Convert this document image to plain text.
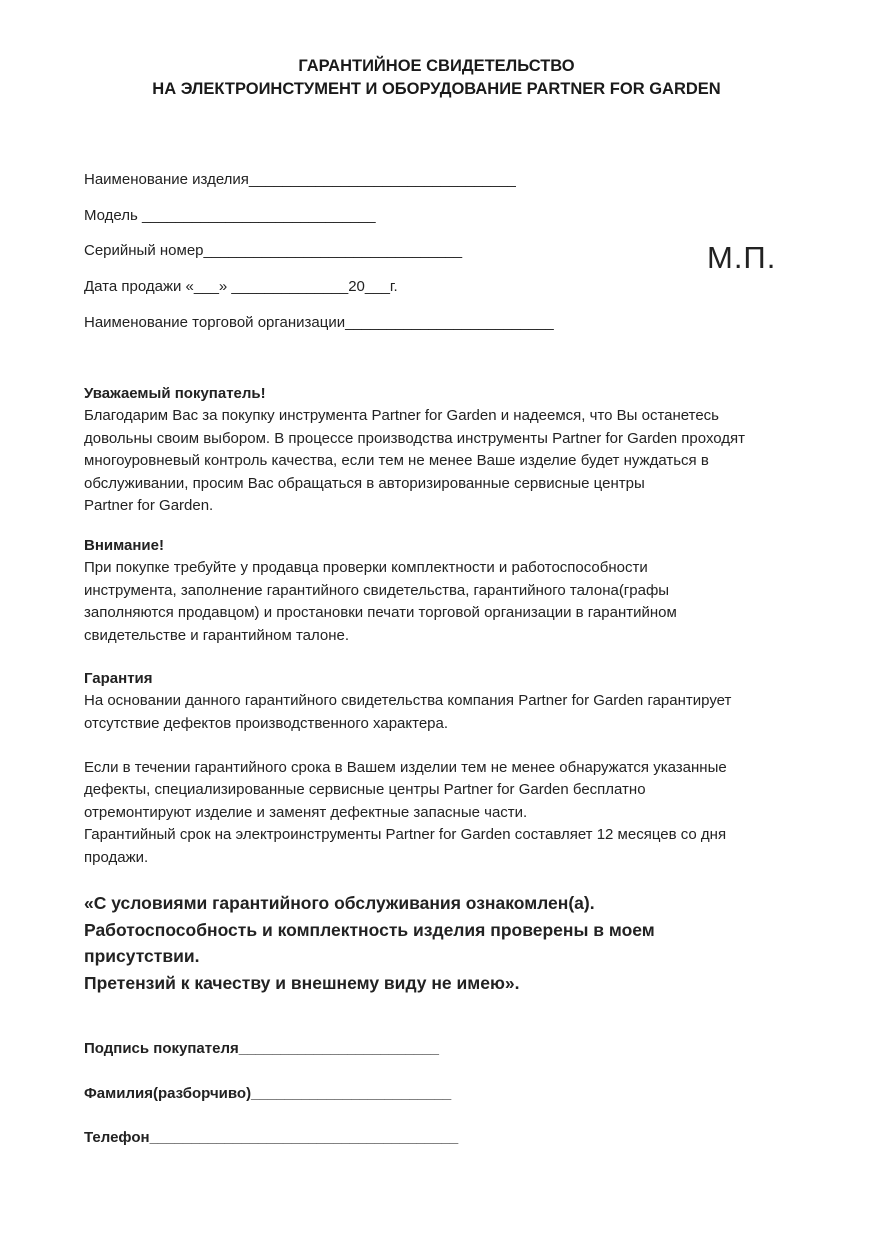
ГАРАНТИЙНОЕ СВИДЕТЕЛЬСТВО
НА ЭЛЕКТРОИНСТУМЕНТ И ОБОРУДОВАНИЕ PARTNER FOR GARDEN
Наименование изделия________________________________
Модель ____________________________
Серийный номер_______________________________
Дата продажи «___» ______________20___г.
Наименование торговой организации_________________________
М.П.
Уважаемый покупатель!
Благодарим Вас за покупку инструмента Partner for Garden и надеемся, что Вы останетесь
довольны своим выбором. В процессе производства инструменты Partner for Garden проходят
многоуровневый контроль качества, если тем не менее Ваше изделие будет нуждаться в
обслуживании, просим Вас обращаться в авторизированные сервисные центры
Partner for Garden.
Внимание!
При покупке требуйте у продавца проверки комплектности и работоспособности
инструмента, заполнение гарантийного свидетельства, гарантийного талона(графы
заполняются продавцом) и простановки печати торговой организации в гарантийном
свидетельстве и гарантийном талоне.
Гарантия
На основании данного гарантийного свидетельства компания Partner for Garden гарантирует
отсутствие дефектов производственного характера.
Если в течении гарантийного срока в Вашем изделии тем не менее обнаружатся указанные
дефекты, специализированные сервисные центры Partner for Garden бесплатно
отремонтируют изделие и заменят дефектные запасные части.
Гарантийный срок на электроинструменты Partner for Garden составляет 12 месяцев со дня
продажи.
«С условиями гарантийного обслуживания ознакомлен(а).
Работоспособность и комплектность изделия проверены в моем
присутствии.
Претензий к качеству и внешнему виду не имею».
Подпись покупателя________________________
Фамилия(разборчиво)________________________
Телефон_____________________________________
